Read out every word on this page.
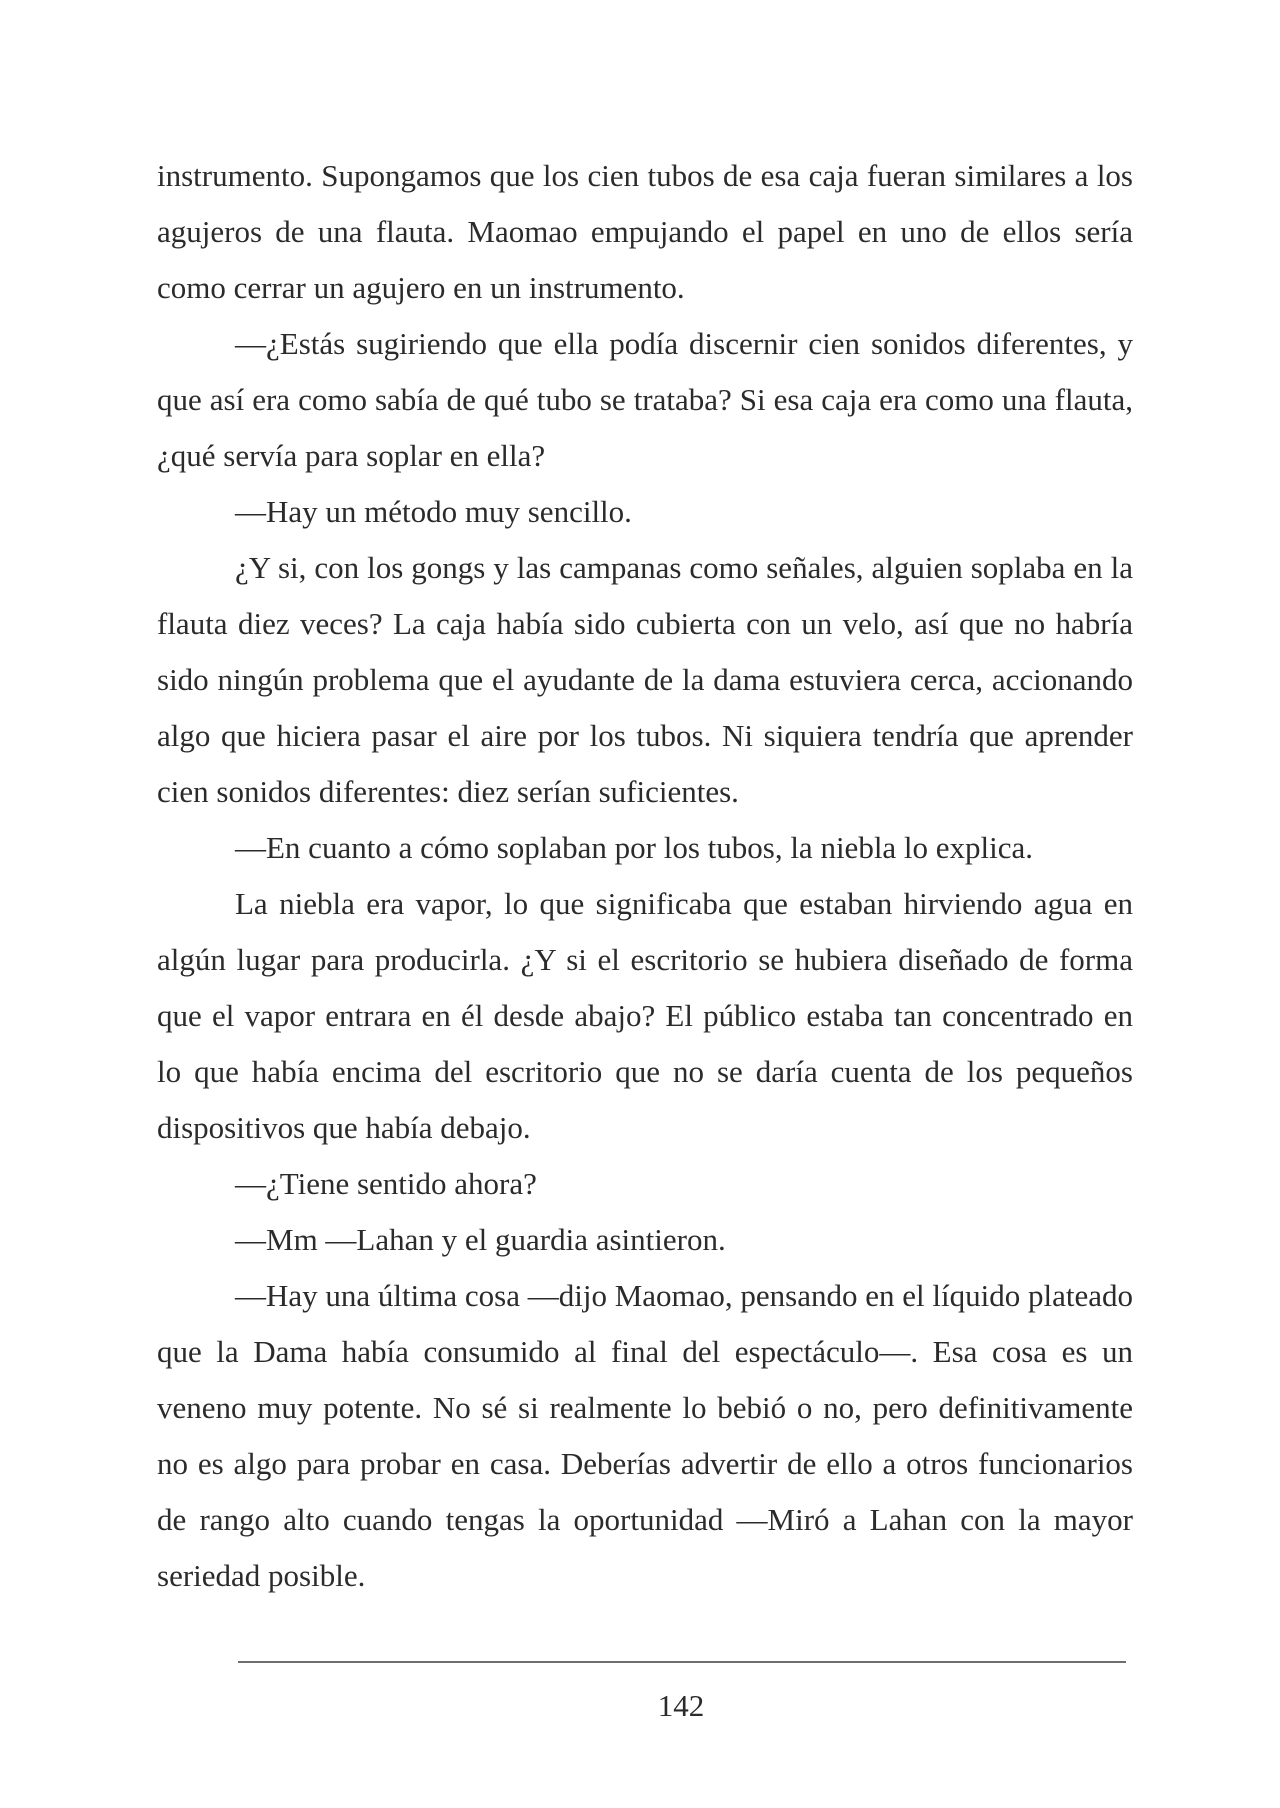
instrumento. Supongamos que los cien tubos de esa caja fueran similares a los agujeros de una flauta. Maomao empujando el papel en uno de ellos sería como cerrar un agujero en un instrumento.

—¿Estás sugiriendo que ella podía discernir cien sonidos diferentes, y que así era como sabía de qué tubo se trataba? Si esa caja era como una flauta, ¿qué servía para soplar en ella?

—Hay un método muy sencillo.

¿Y si, con los gongs y las campanas como señales, alguien soplaba en la flauta diez veces? La caja había sido cubierta con un velo, así que no habría sido ningún problema que el ayudante de la dama estuviera cerca, accionando algo que hiciera pasar el aire por los tubos. Ni siquiera tendría que aprender cien sonidos diferentes: diez serían suficientes.

—En cuanto a cómo soplaban por los tubos, la niebla lo explica.

La niebla era vapor, lo que significaba que estaban hirviendo agua en algún lugar para producirla. ¿Y si el escritorio se hubiera diseñado de forma que el vapor entrara en él desde abajo? El público estaba tan concentrado en lo que había encima del escritorio que no se daría cuenta de los pequeños dispositivos que había debajo.

—¿Tiene sentido ahora?

—Mm —Lahan y el guardia asintieron.

—Hay una última cosa —dijo Maomao, pensando en el líquido plateado que la Dama había consumido al final del espectáculo—. Esa cosa es un veneno muy potente. No sé si realmente lo bebió o no, pero definitivamente no es algo para probar en casa. Deberías advertir de ello a otros funcionarios de rango alto cuando tengas la oportunidad —Miró a Lahan con la mayor seriedad posible.

142
